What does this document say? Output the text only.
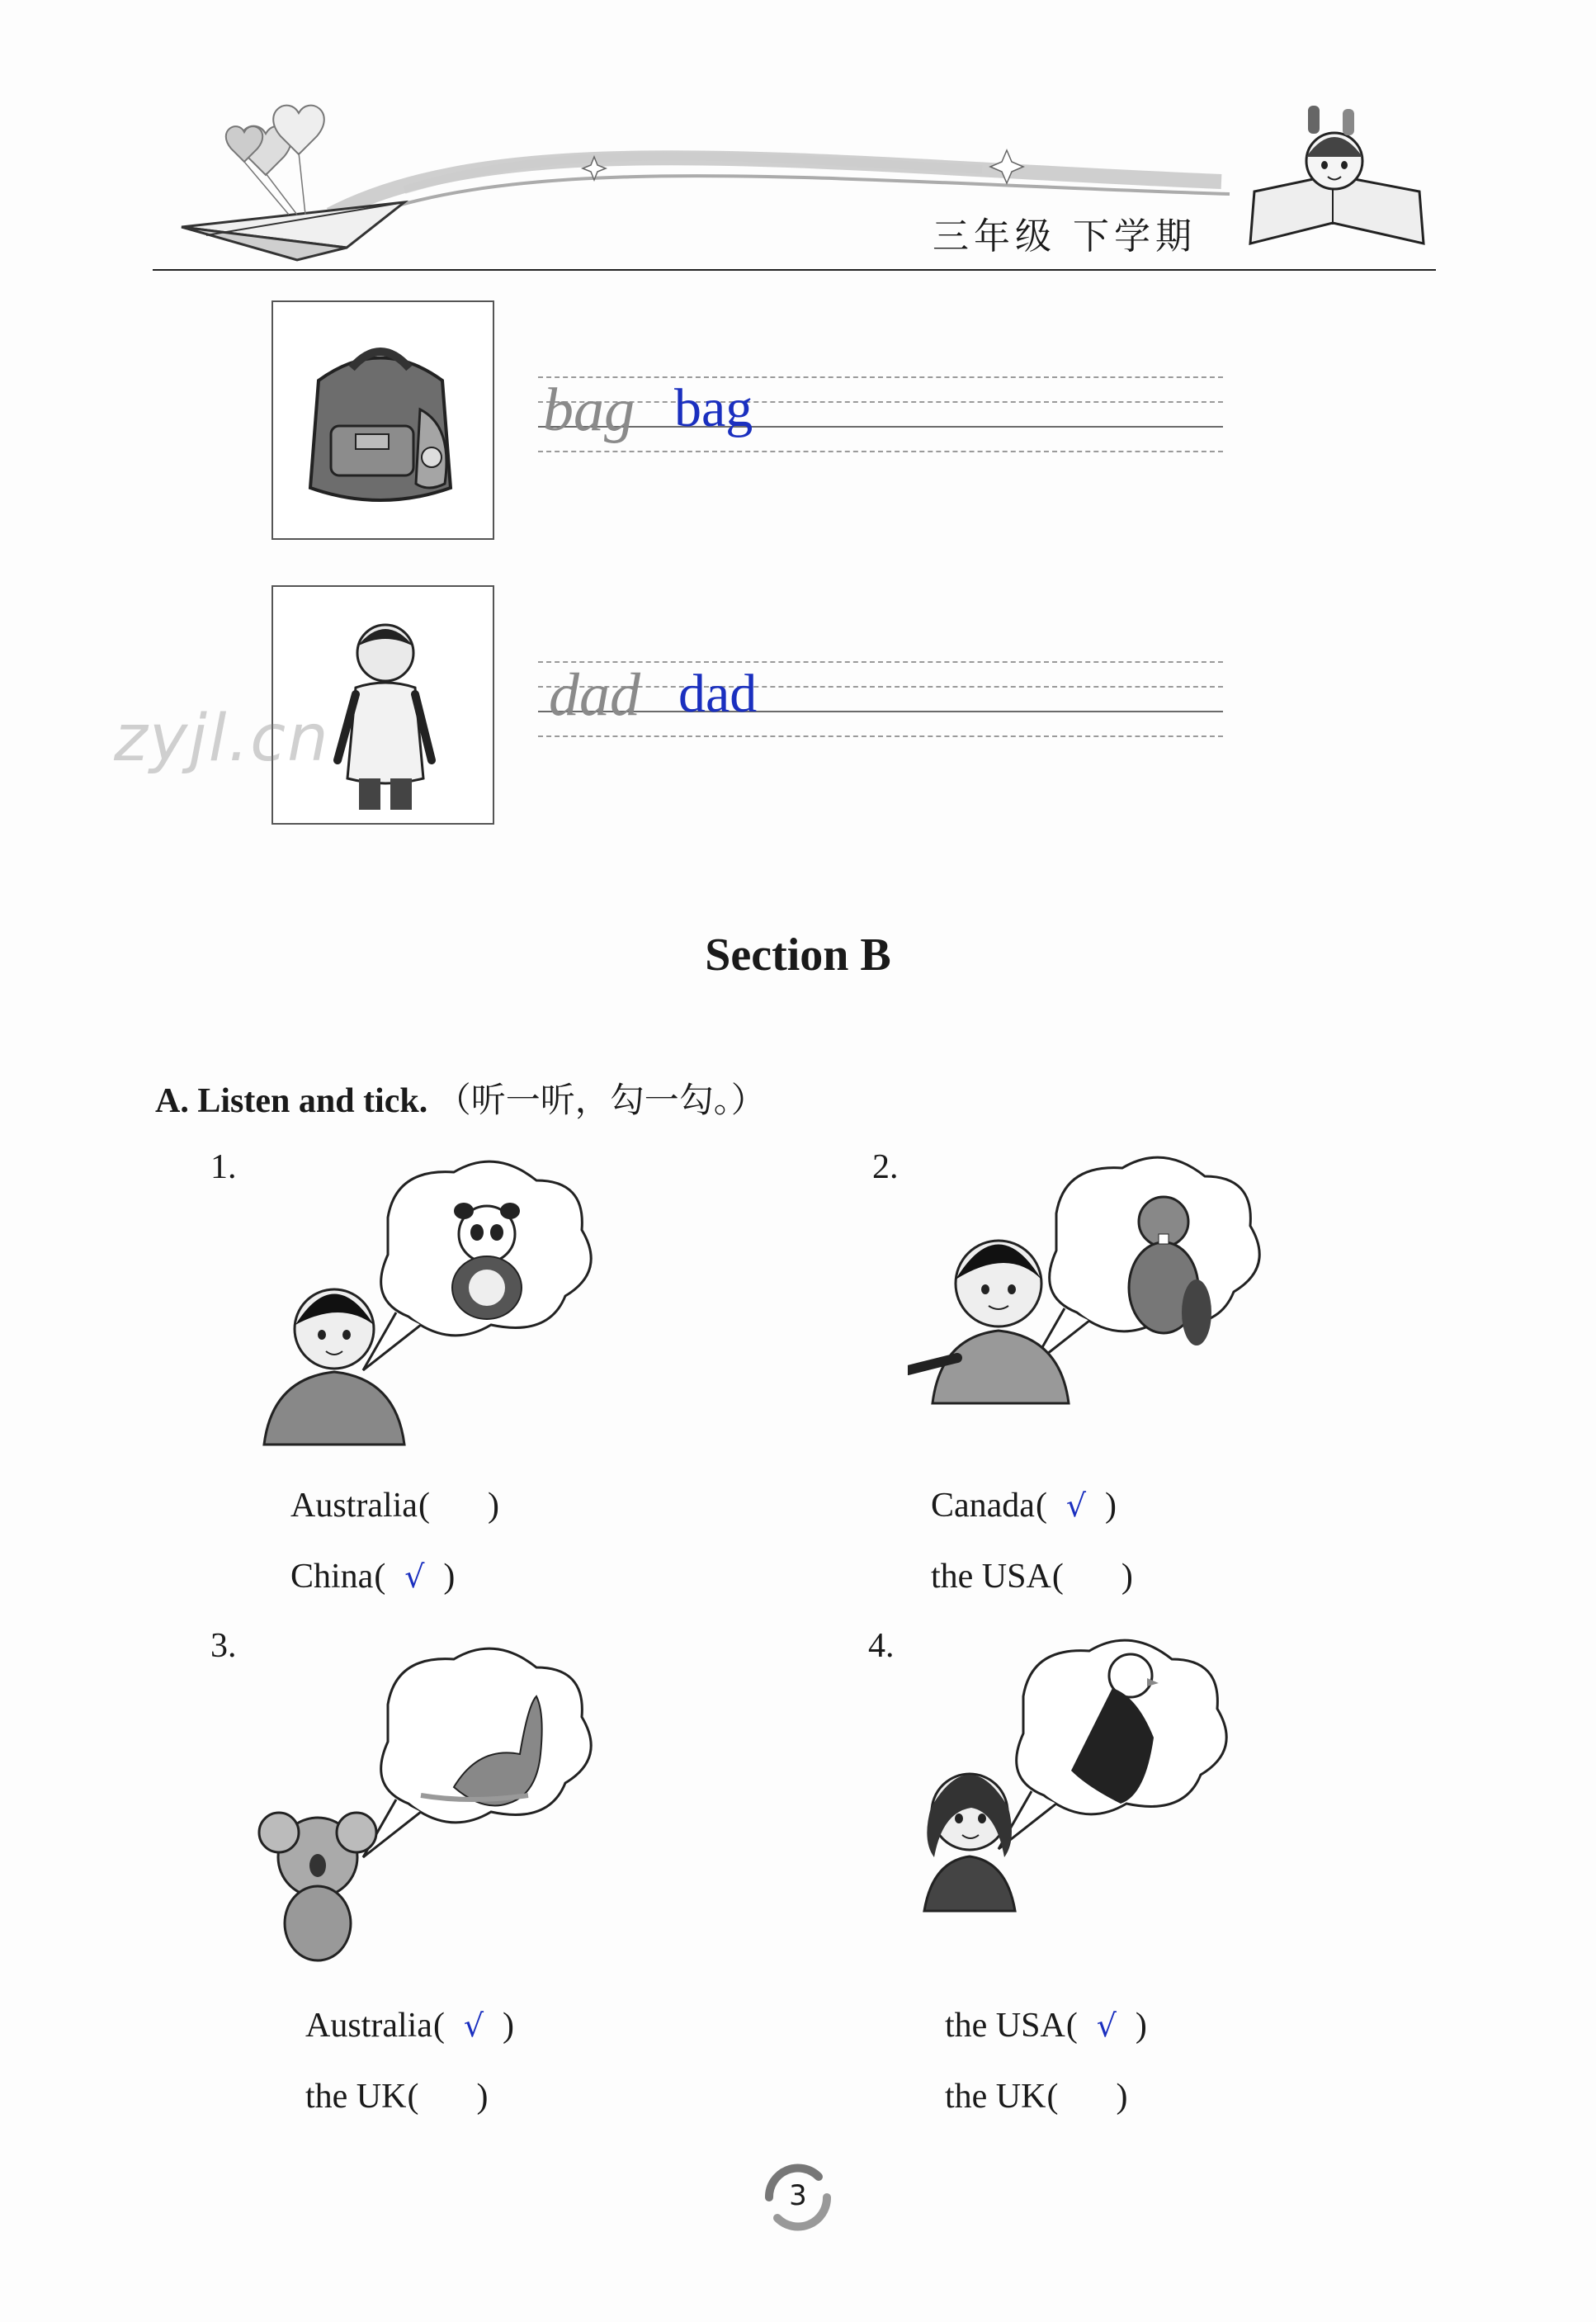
三年级 下学期
bag bag
dad dad
zyjl.cn
Section B
A. Listen and tick. （听一听，勾一勾。）
1.
Australia( )
China( √ )
2.
Canada( √ )
the USA( )
3.
Australia( √ )
the UK( )
4.
the USA( √ )
the UK( )
3
